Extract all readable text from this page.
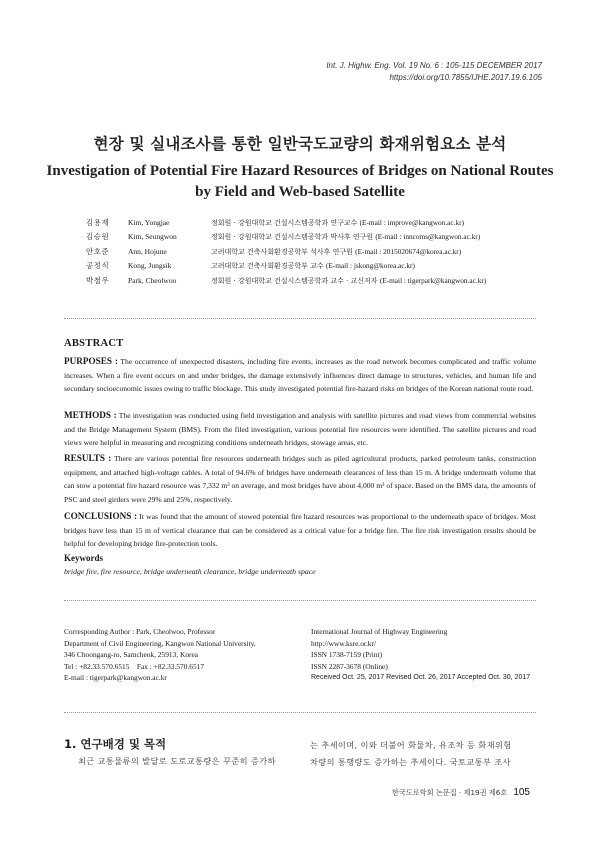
Int. J. Highw. Eng. Vol. 19 No. 6 : 105-115 DECEMBER 2017
https://doi.org/10.7855/IJHE.2017.19.6.105
현장 및 실내조사를 통한 일반국도교량의 화재위험요소 분석
Investigation of Potential Fire Hazard Resources of Bridges on National Routes by Field and Web-based Satellite
김용재	Kim, Yongjae	정회원 · 강원대학교 건설시스템공학과 연구교수 (E-mail : improve@kangwon.ac.kr)
김승원	Kim, Seungwon	정회원 · 강원대학교 건설시스템공학과 박사후 연구원 (E-mail : inncoms@kangwon.ac.kr)
안호준	Ann, Hojune	고려대학교 건축사회환경공학부 석사후 연구원 (E-mail : 2015020674@korea.ac.kr)
공정식	Kong, Jungsik	고려대학교 건축사회환경공학부 교수 (E-mail : jskong@korea.ac.kr)
박철우	Park, Cheolwoo	정회원 · 강원대학교 건설시스템공학과 교수 · 교신저자 (E-mail : tigerpark@kangwon.ac.kr)
ABSTRACT
PURPOSES : The occurrence of unexpected disasters, including fire events, increases as the road network becomes complicated and traffic volume increases. When a fire event occurs on and under bridges, the damage extensively influences direct damage to structures, vehicles, and human life and secondary socioeconomic issues owing to traffic blockage. This study investigated potential fire-hazard risks on bridges of the Korean national route road.
METHODS : The investigation was conducted using field investigation and analysis with satellite pictures and road views from commercial websites and the Bridge Management System (BMS). From the filed investigation, various potential fire resources were identified. The satellite pictures and road views were helpful in measuring and recognizing conditions underneath bridges, stowage areas, etc.
RESULTS : There are various potential fire resources underneath bridges such as piled agricultural products, parked petroleum tanks, construction equipment, and attached high-voltage cables. A total of 94.6% of bridges have underneath clearances of less than 15 m. A bridge underneath volume that can stow a potential fire hazard resource was 7,332 m³ on average, and most bridges have about 4,000 m³ of space. Based on the BMS data, the amounts of PSC and steel girders were 29% and 25%, respectively.
CONCLUSIONS : It was found that the amount of stowed potential fire hazard resources was proportional to the underneath space of bridges. Most bridges have less than 15 m of vertical clearance that can be considered as a critical value for a bridge fire. The fire risk investigation results should be helpful for developing bridge fire-protection tools.
Keywords
bridge fire, fire resource, bridge underneath clearance, bridge underneath space
Corresponding Author : Park, Cheolwoo, Professor
Department of Civil Engineering, Kangwon National University,
346 Choongang-ro, Samcheok, 25913, Korea
Tel : +82.33.570.6515    Fax : +82.33.570.6517
E-mail : tigerpark@kangwon.ac.kr
International Journal of Highway Engineering
http://www.ksre.or.kr/
ISSN 1738-7159 (Print)
ISSN 2287-3678 (Online)
Received Oct. 25, 2017 Revised Oct. 26, 2017 Accepted Oct. 30, 2017
1. 연구배경 및 목적
최근 교통물류의 발달로 도로교통량은 꾸준히 증가하
는 추세이며, 이와 더불어 화물차, 유조차 등 화재위험
차량의 통행량도 증가하는 추세이다. 국토교통부 조사
한국도로학회 논문집 · 제19권 제6호 105
